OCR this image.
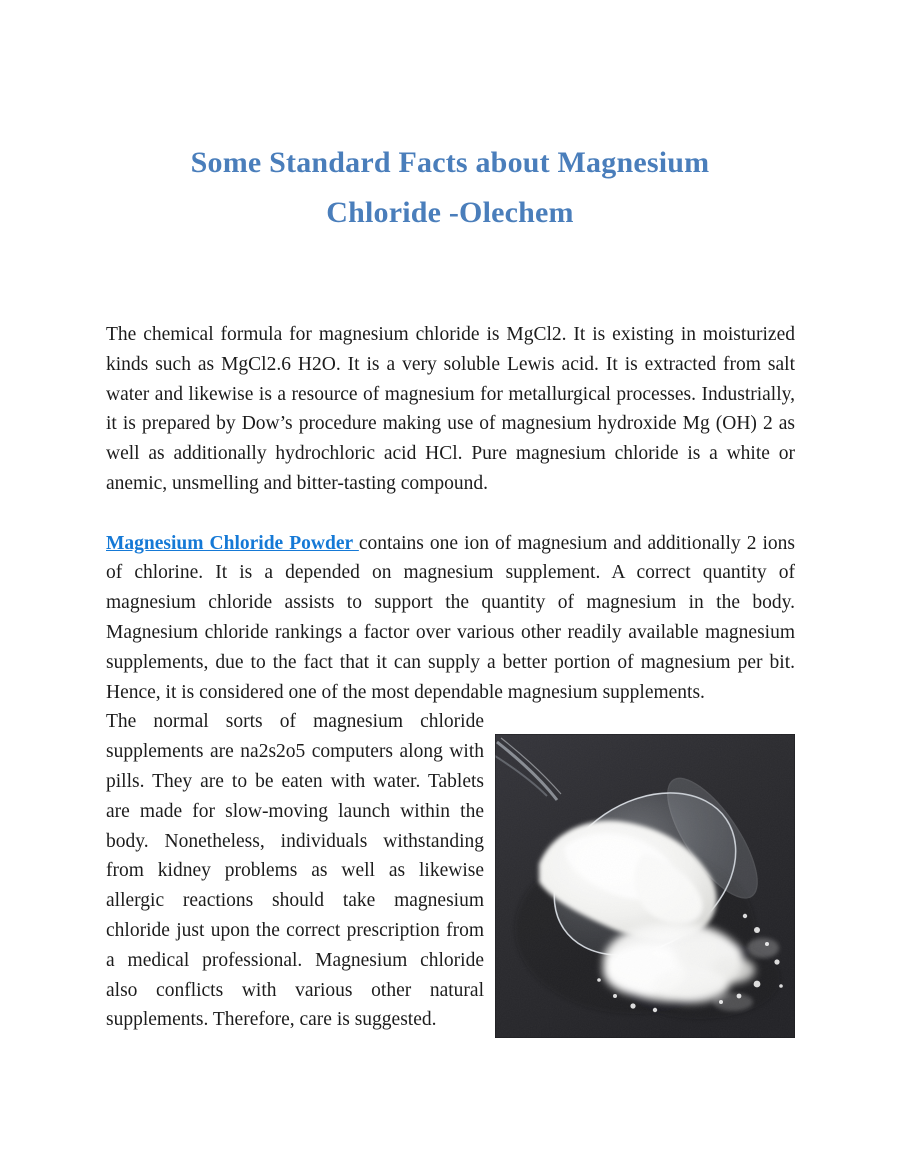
Some Standard Facts about Magnesium
Chloride -Olechem

The chemical formula for magnesium chloride is MgCl2. It is existing in moisturized kinds such as MgCl2.6 H2O. It is a very soluble Lewis acid. It is extracted from salt water and likewise is a resource of magnesium for metallurgical processes. Industrially, it is prepared by Dow’s procedure making use of magnesium hydroxide Mg (OH) 2 as well as additionally hydrochloric acid HCl. Pure magnesium chloride is a white or anemic, unsmelling and bitter-tasting compound.

Magnesium Chloride Powder contains one ion of magnesium and additionally 2 ions of chlorine. It is a depended on magnesium supplement. A correct quantity of magnesium chloride assists to support the quantity of magnesium in the body. Magnesium chloride rankings a factor over various other readily available magnesium supplements, due to the fact that it can supply a better portion of magnesium per bit. Hence, it is considered one of the most dependable magnesium supplements.

The normal sorts of magnesium chloride supplements are na2s2o5 computers along with pills. They are to be eaten with water. Tablets are made for slow-moving launch within the body. Nonetheless, individuals withstanding from kidney problems as well as likewise allergic reactions should take magnesium chloride just upon the correct prescription from a medical professional. Magnesium chloride also conflicts with various other natural supplements. Therefore, care is suggested.
